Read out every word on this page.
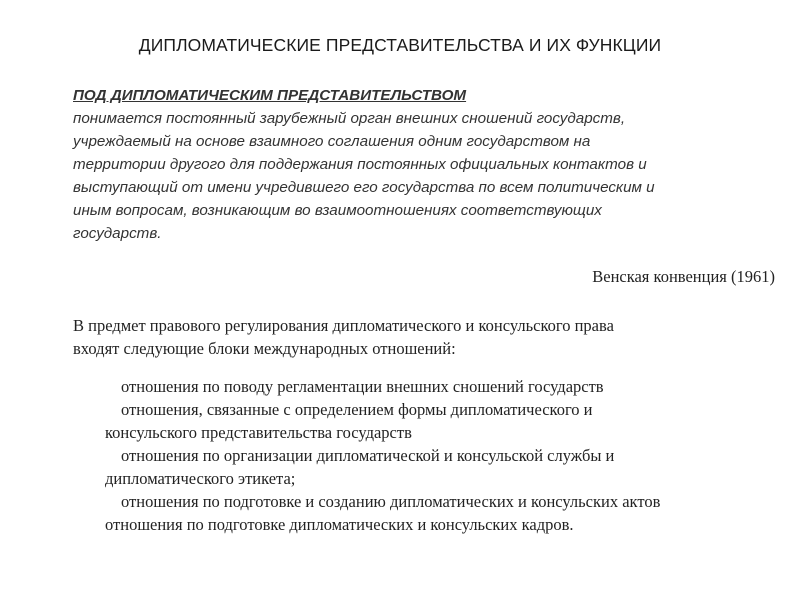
ДИПЛОМАТИЧЕСКИЕ ПРЕДСТАВИТЕЛЬСТВА И ИХ ФУНКЦИИ
ПОД ДИПЛОМАТИЧЕСКИМ ПРЕДСТАВИТЕЛЬСТВОМ
понимается постоянный зарубежный орган внешних сношений государств,
учреждаемый на основе взаимного соглашения одним государством на
территории другого для поддержания постоянных официальных контактов и
выступающий от имени учредившего его государства по всем политическим и
иным вопросам, возникающим во взаимоотношениях соответствующих
государств.
Венская конвенция (1961)
В предмет правового регулирования дипломатического и консульского права
входят следующие блоки международных отношений:
отношения по поводу регламентации внешних сношений государств
отношения, связанные с определением формы дипломатического и
консульского представительства государств
отношения по организации дипломатической и консульской службы и
дипломатического этикета;
отношения по подготовке и созданию дипломатических и консульских актов
отношения по подготовке дипломатических и консульских кадров.
